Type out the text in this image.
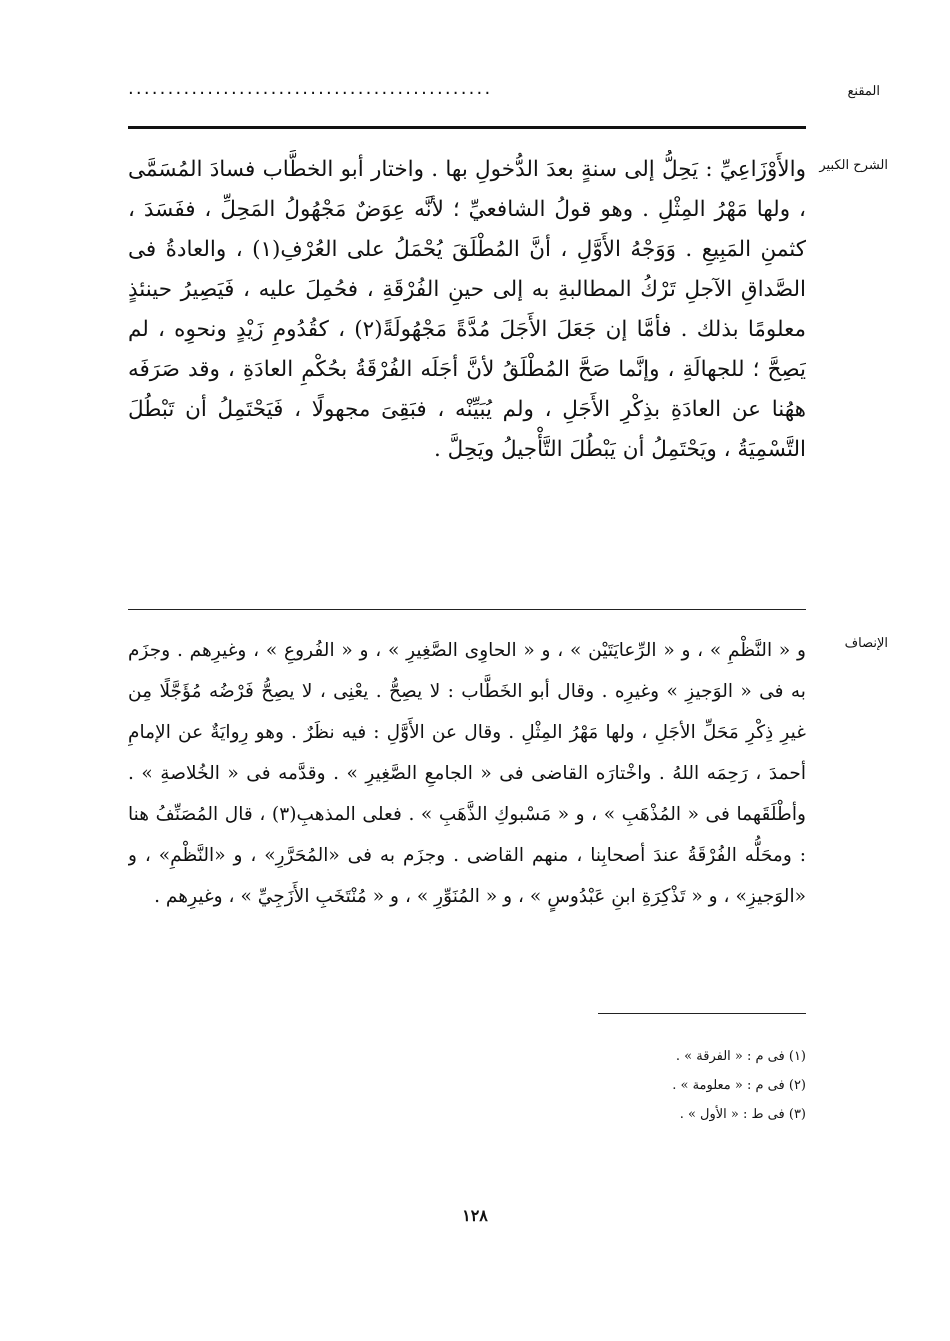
المقنع
..............................................
الشرح الكبير
والأَوْزَاعِيِّ : يَحِلُّ إلى سنةٍ بعدَ الدُّخولِ بها . واختار أبو الخطَّاب فسادَ المُسَمَّى ، ولها مَهْرُ المِثْلِ . وهو قولُ الشافعيِّ ؛ لأنَّه عِوَضٌ مَجْهُولُ المَحِلِّ ، ففَسَدَ ، كثمنِ المَبِيعِ . وَوَجْهُ الأَوَّلِ ، أنَّ المُطْلَقَ يُحْمَلُ على العُرْفِ(١) ، والعادةُ فى الصَّداقِ الآجلِ تَرْكُ المطالبةِ به إلى حينِ الفُرْقَةِ ، فحُمِلَ عليه ، فَيَصِيرُ حينئذٍ معلومًا بذلك . فأمَّا إن جَعَلَ الأَجَلَ مُدَّةً مَجْهُولَةً(٢) ، كقُدُومِ زَيْدٍ ونحوِه ، لم يَصِحَّ ؛ للجهالَةِ ، وإنَّما صَحَّ المُطْلَقُ لأنَّ أجَلَه الفُرْقَةُ بحُكْمِ العادَةِ ، وقد صَرَفَه ههُنا عن العادَةِ بذِكْرِ الأَجَلِ ، ولم يُبَيِّنْه ، فبَقِىَ مجهولًا ، فَيَحْتَمِلُ أن تَبْطُلَ التَّسْمِيَةُ ، ويَحْتَمِلُ أن يَبْطُلَ التَّأْجيلُ ويَحِلَّ .
الإنصاف
و « النَّظْمِ » ، و « الرِّعايَتَيْن » ، و « الحاوِى الصَّغِيرِ » ، و « الفُروعِ » ، وغيرِهم . وجزَم به فى « الوَجيزِ » وغيرِه . وقال أبو الخَطَّاب : لا يصِحُّ . يعْنِى ، لا يصِحُّ فَرْضُه مُؤَجَّلًا مِن غيرِ ذِكْرِ مَحَلِّ الأجَلِ ، ولها مَهْرُ المِثْلِ . وقال عن الأَوَّلِ : فيه نظَرٌ . وهو رِوايَةٌ عن الإمامِ أحمدَ ، رَحِمَه اللهُ . واخْتارَه القاضى فى « الجامعِ الصَّغِيرِ » . وقدَّمه فى « الخُلاصةِ » . وأطْلَقَهما فى « المُذْهَبِ » ، و « مَسْبوكِ الذَّهَبِ » . فعلى المذهبِ(٣) ، قال المُصَنِّفُ هنا : ومحَلُّه الفُرْقَةُ عندَ أصحابِنا ، منهم القاضى . وجزَم به فى «المُحَرَّرِ» ، و «النَّظْمِ» ، و «الوَجيزِ» ، و « تَذْكِرَةِ ابنِ عَبْدُوسٍ » ، و « المُنَوِّرِ » ، و « مُنْتَخَبِ الأَزَجِيِّ » ، وغيرِهم .
(١) فى م : « الفرقة » .
(٢) فى م : « معلومة » .
(٣) فى ط : « الأول » .
١٢٨
